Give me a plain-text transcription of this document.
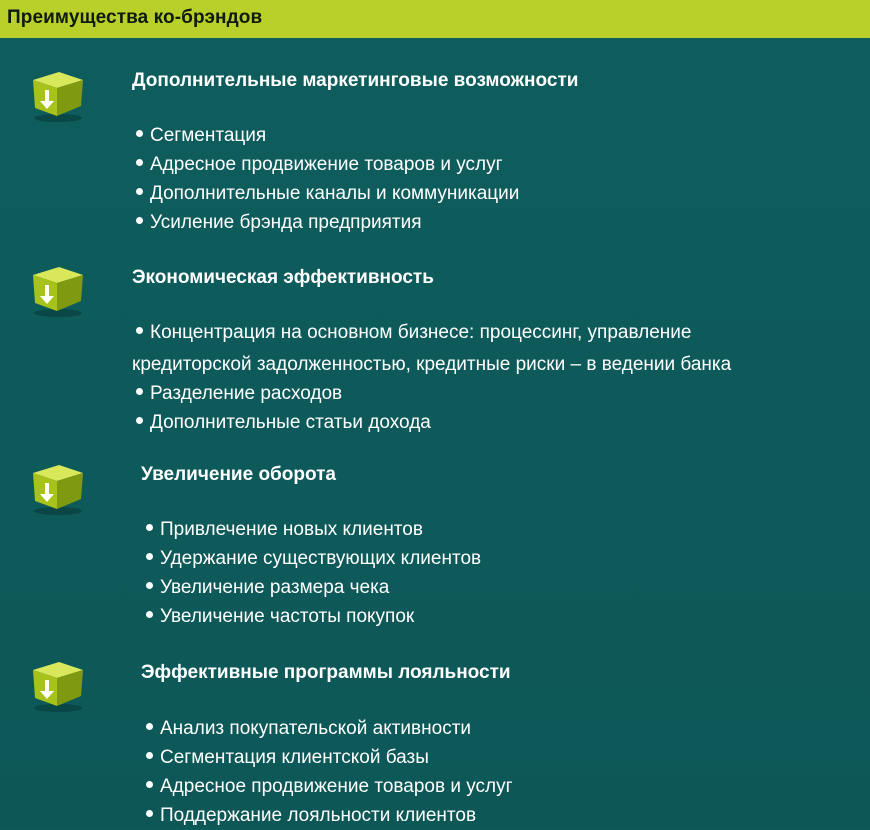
Преимущества ко-брэндов
Дополнительные маркетинговые возможности
Сегментация
Адресное продвижение товаров и услуг
Дополнительные каналы и коммуникации
Усиление брэнда предприятия
Экономическая эффективность
Концентрация на основном бизнесе: процессинг, управление
кредиторской задолженностью, кредитные риски – в ведении банка
Разделение расходов
Дополнительные статьи дохода
Увеличение оборота
Привлечение новых клиентов
Удержание существующих клиентов
Увеличение размера чека
Увеличение частоты покупок
Эффективные программы лояльности
Анализ покупательской активности
Сегментация клиентской базы
Адресное продвижение товаров и услуг
Поддержание лояльности клиентов
